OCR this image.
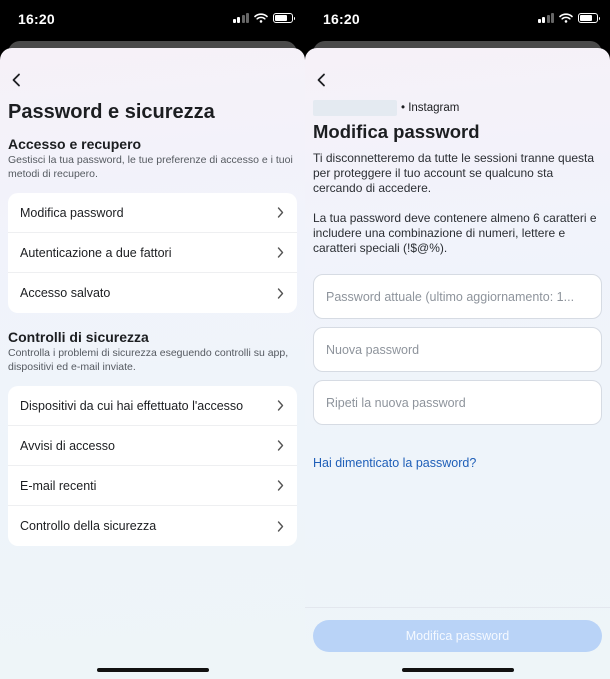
16:20
Password e sicurezza
Accesso e recupero
Gestisci la tua password, le tue preferenze di accesso e i tuoi metodi di recupero.
Modifica password
Autenticazione a due fattori
Accesso salvato
Controlli di sicurezza
Controlla i problemi di sicurezza eseguendo controlli su app, dispositivi ed e-mail inviate.
Dispositivi da cui hai effettuato l'accesso
Avvisi di accesso
E-mail recenti
Controllo della sicurezza
16:20
• Instagram
Modifica password
Ti disconnetteremo da tutte le sessioni tranne questa per proteggere il tuo account se qualcuno sta cercando di accedere.
La tua password deve contenere almeno 6 caratteri e includere una combinazione di numeri, lettere e caratteri speciali (!$@%).
Hai dimenticato la password?
Modifica password
